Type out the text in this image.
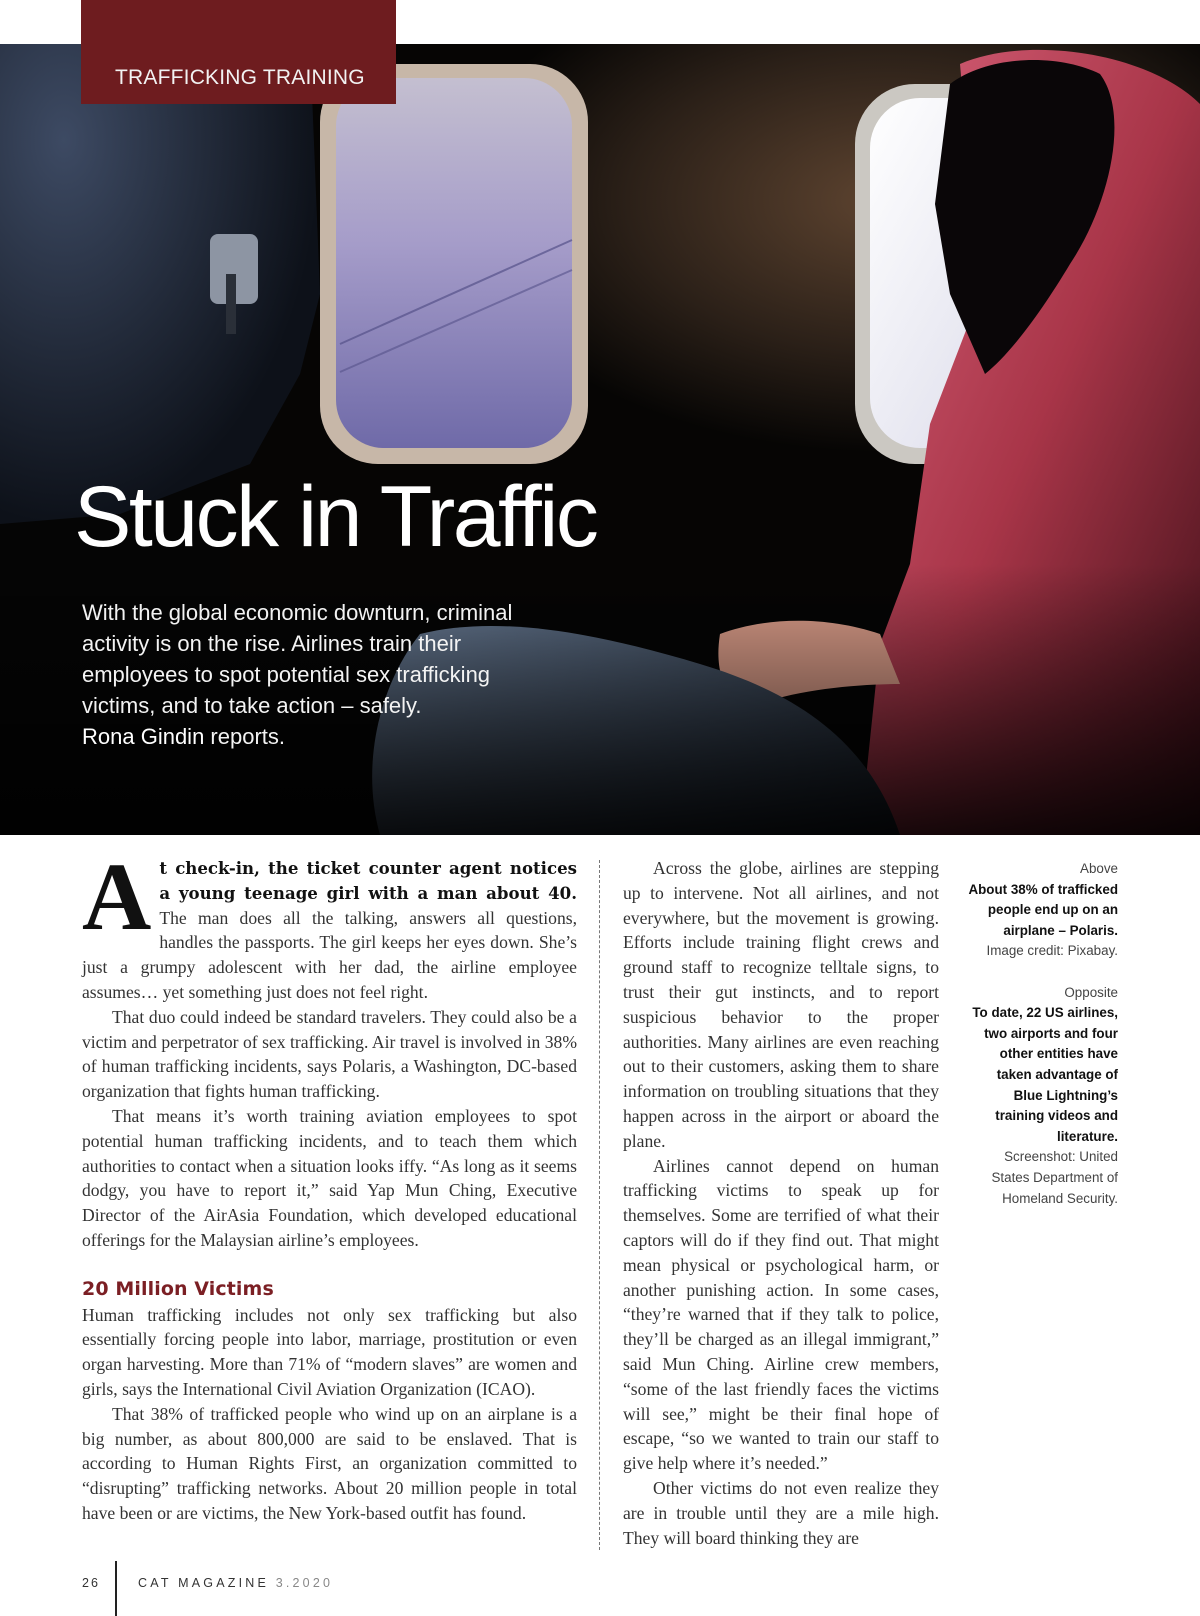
TRAFFICKING TRAINING
Stuck in Traffic
With the global economic downturn, criminal activity is on the rise. Airlines train their employees to spot potential sex trafficking victims, and to take action – safely.
Rona Gindin reports.

At check-in, the ticket counter agent notices a young teenage girl with a man about 40. The man does all the talking, answers all questions, handles the passports. The girl keeps her eyes down. She’s just a grumpy adolescent with her dad, the airline employee assumes… yet something just does not feel right.

That duo could indeed be standard travelers. They could also be a victim and perpetrator of sex trafficking. Air travel is involved in 38% of human trafficking incidents, says Polaris, a Washington, DC-based organization that fights human trafficking.

That means it’s worth training aviation employees to spot potential human trafficking incidents, and to teach them which authorities to contact when a situation looks iffy. “As long as it seems dodgy, you have to report it,” said Yap Mun Ching, Executive Director of the AirAsia Foundation, which developed educational offerings for the Malaysian airline’s employees.

20 Million Victims

Human trafficking includes not only sex trafficking but also essentially forcing people into labor, marriage, prostitution or even organ harvesting. More than 71% of “modern slaves” are women and girls, says the International Civil Aviation Organization (ICAO).

That 38% of trafficked people who wind up on an airplane is a big number, as about 800,000 are said to be enslaved. That is according to Human Rights First, an organization committed to “disrupting” trafficking networks. About 20 million people in total have been or are victims, the New York-based outfit has found.

Across the globe, airlines are stepping up to intervene. Not all airlines, and not everywhere, but the movement is growing. Efforts include training flight crews and ground staff to recognize telltale signs, to trust their gut instincts, and to report suspicious behavior to the proper authorities. Many airlines are even reaching out to their customers, asking them to share information on troubling situations that they happen across in the airport or aboard the plane.

Airlines cannot depend on human trafficking victims to speak up for themselves. Some are terrified of what their captors will do if they find out. That might mean physical or psychological harm, or another punishing action. In some cases, “they’re warned that if they talk to police, they’ll be charged as an illegal immigrant,” said Mun Ching. Airline crew members, “some of the last friendly faces the victims will see,” might be their final hope of escape, “so we wanted to train our staff to give help where it’s needed.”

Other victims do not even realize they are in trouble until they are a mile high. They will board thinking they are

Above
About 38% of trafficked people end up on an airplane – Polaris.
Image credit: Pixabay.
Opposite
To date, 22 US airlines, two airports and four other entities have taken advantage of Blue Lightning’s training videos and literature.
Screenshot: United States Department of Homeland Security.
26	CAT MAGAZINE 3.2020
